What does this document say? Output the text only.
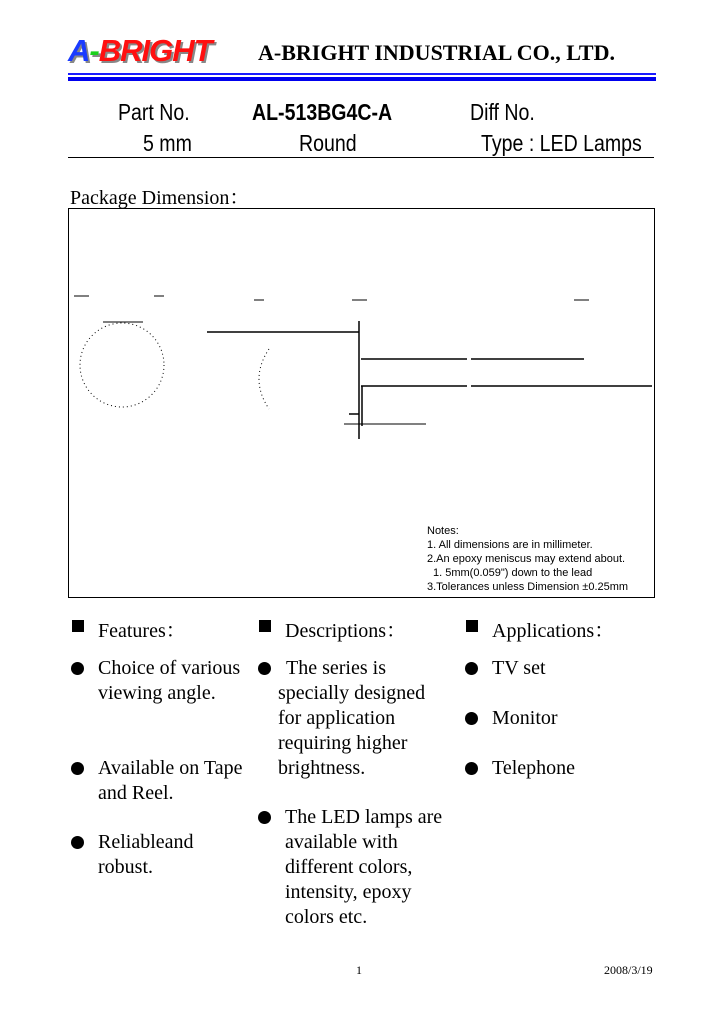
A-BRIGHT A-BRIGHT INDUSTRIAL CO., LTD.
Part No.	AL-513BG4C-A	Diff No.
5 mm	Round	Type : LED Lamps
Package Dimension：
Notes:
1. All dimensions are in millimeter.
2.An epoxy meniscus may extend about.
1. 5mm(0.059") down to the lead
3.Tolerances unless Dimension ±0.25mm
Features：
Choice of various viewing angle.
Available on Tape and Reel.
Reliableand robust.
Descriptions：
The series is specially designed for application requiring higher brightness.
The LED lamps are available with different colors, intensity, epoxy colors etc.
Applications：
TV set
Monitor
Telephone
1	2008/3/19
